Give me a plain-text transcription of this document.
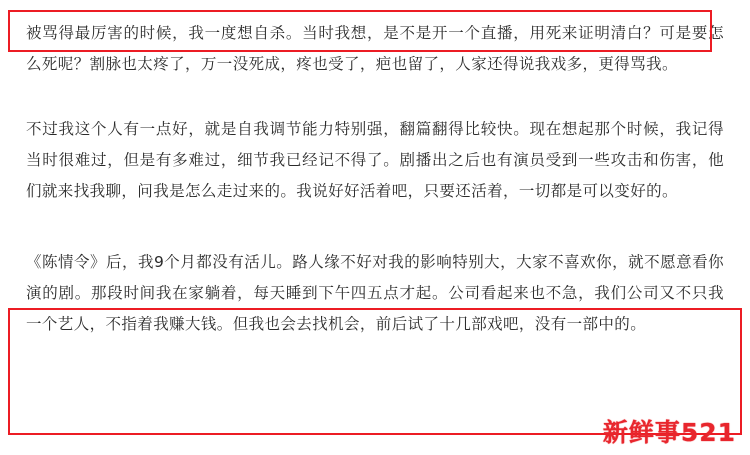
被骂得最厉害的时候，我一度想自杀。当时我想，是不是开一个直播，用死来证明清白？可是要怎么死呢？割脉也太疼了，万一没死成，疼也受了，疤也留了，人家还得说我戏多，更得骂我。

不过我这个人有一点好，就是自我调节能力特别强，翻篇翻得比较快。现在想起那个时候，我记得当时很难过，但是有多难过，细节我已经记不得了。剧播出之后也有演员受到一些攻击和伤害，他们就来找我聊，问我是怎么走过来的。我说好好活着吧，只要还活着，一切都是可以变好的。

《陈情令》后，我9个月都没有活儿。路人缘不好对我的影响特别大，大家不喜欢你，就不愿意看你演的剧。那段时间我在家躺着，每天睡到下午四五点才起。公司看起来也不急，我们公司又不只我一个艺人，不指着我赚大钱。但我也会去找机会，前后试了十几部戏吧，没有一部中的。

新鲜事521
